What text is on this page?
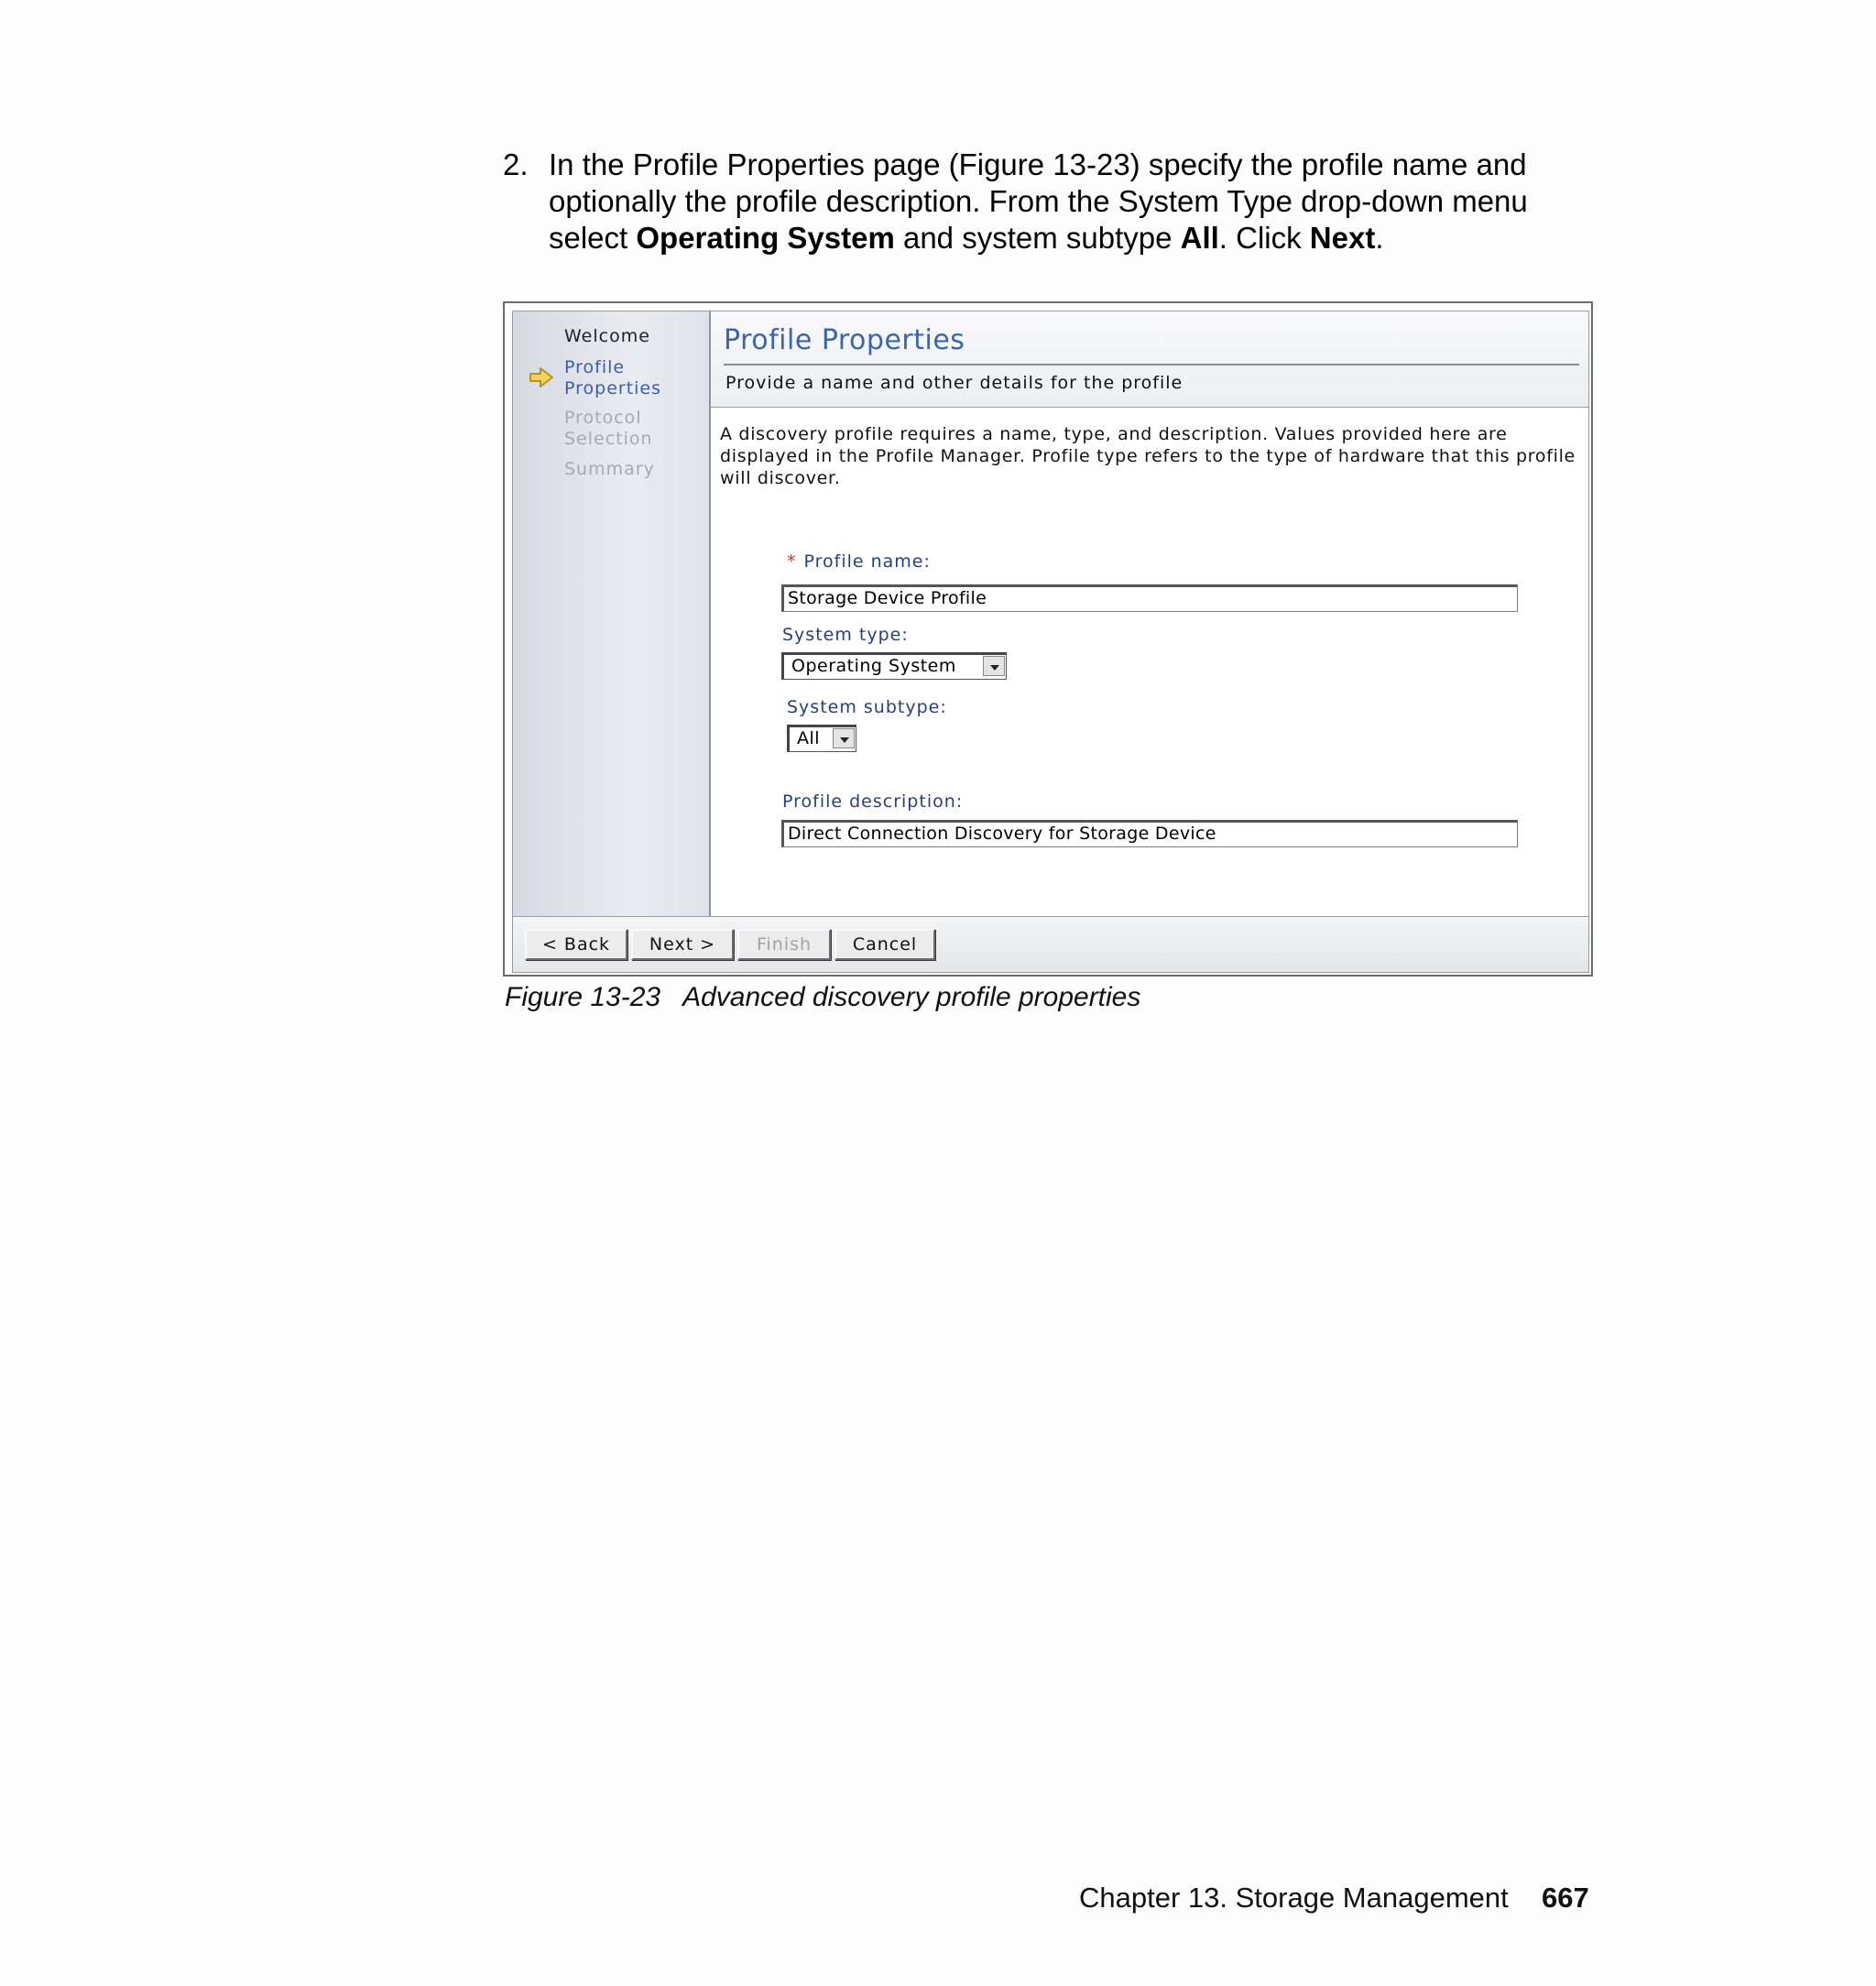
2. In the Profile Properties page (Figure 13-23) specify the profile name and optionally the profile description. From the System Type drop-down menu select Operating System and system subtype All. Click Next.
Welcome
Profile
Properties
Protocol
Selection
Summary
Profile Properties
Provide a name and other details for the profile
A discovery profile requires a name, type, and description. Values provided here are displayed in the Profile Manager. Profile type refers to the type of hardware that this profile will discover.
* Profile name:
Storage Device Profile
System type:
Operating System
System subtype:
All
Profile description:
Direct Connection Discovery for Storage Device
< Back	Next >	Finish	Cancel
Figure 13-23 Advanced discovery profile properties
Chapter 13. Storage Management 667
